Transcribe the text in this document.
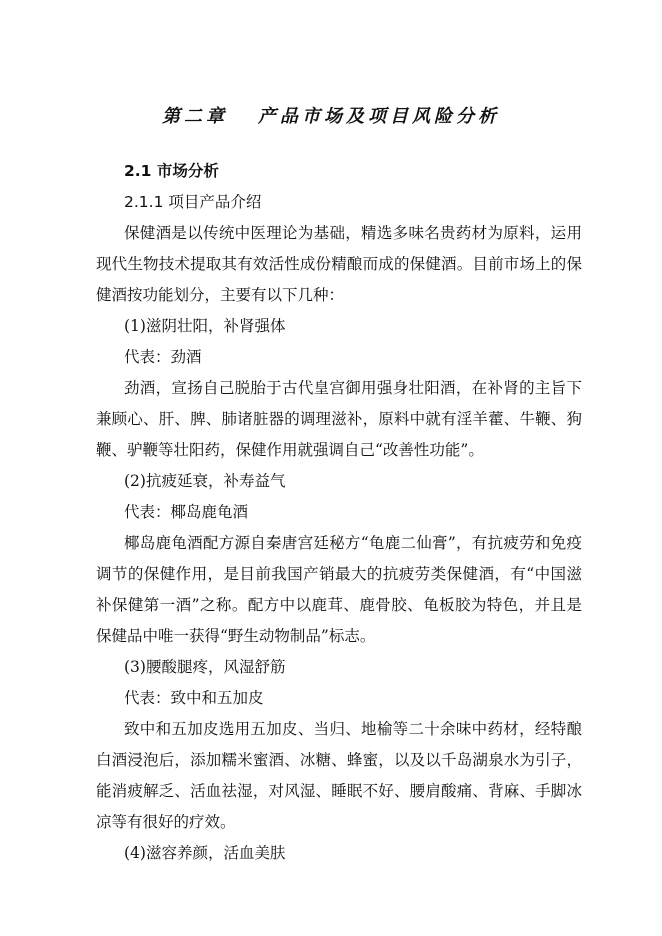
第二章 产品市场及项目风险分析

2.1 市场分析

2.1.1 项目产品介绍

保健酒是以传统中医理论为基础，精选多味名贵药材为原料，运用现代生物技术提取其有效活性成份精酿而成的保健酒。目前市场上的保健酒按功能划分，主要有以下几种：

(1)滋阴壮阳，补肾强体

代表：劲酒

劲酒，宣扬自己脱胎于古代皇宫御用强身壮阳酒，在补肾的主旨下兼顾心、肝、脾、肺诸脏器的调理滋补，原料中就有淫羊藿、牛鞭、狗鞭、驴鞭等壮阳药，保健作用就强调自己“改善性功能”。

(2)抗疲延衰，补寿益气

代表：椰岛鹿龟酒

椰岛鹿龟酒配方源自秦唐宫廷秘方“龟鹿二仙膏”，有抗疲劳和免疫调节的保健作用，是目前我国产销最大的抗疲劳类保健酒，有“中国滋补保健第一酒”之称。配方中以鹿茸、鹿骨胶、龟板胶为特色，并且是保健品中唯一获得“野生动物制品”标志。

(3)腰酸腿疼，风湿舒筋

代表：致中和五加皮

致中和五加皮选用五加皮、当归、地榆等二十余味中药材，经特酿白酒浸泡后，添加糯米蜜酒、冰糖、蜂蜜，以及以千岛湖泉水为引子，能消疲解乏、活血祛湿，对风湿、睡眠不好、腰肩酸痛、背麻、手脚冰凉等有很好的疗效。

(4)滋容养颜，活血美肤
